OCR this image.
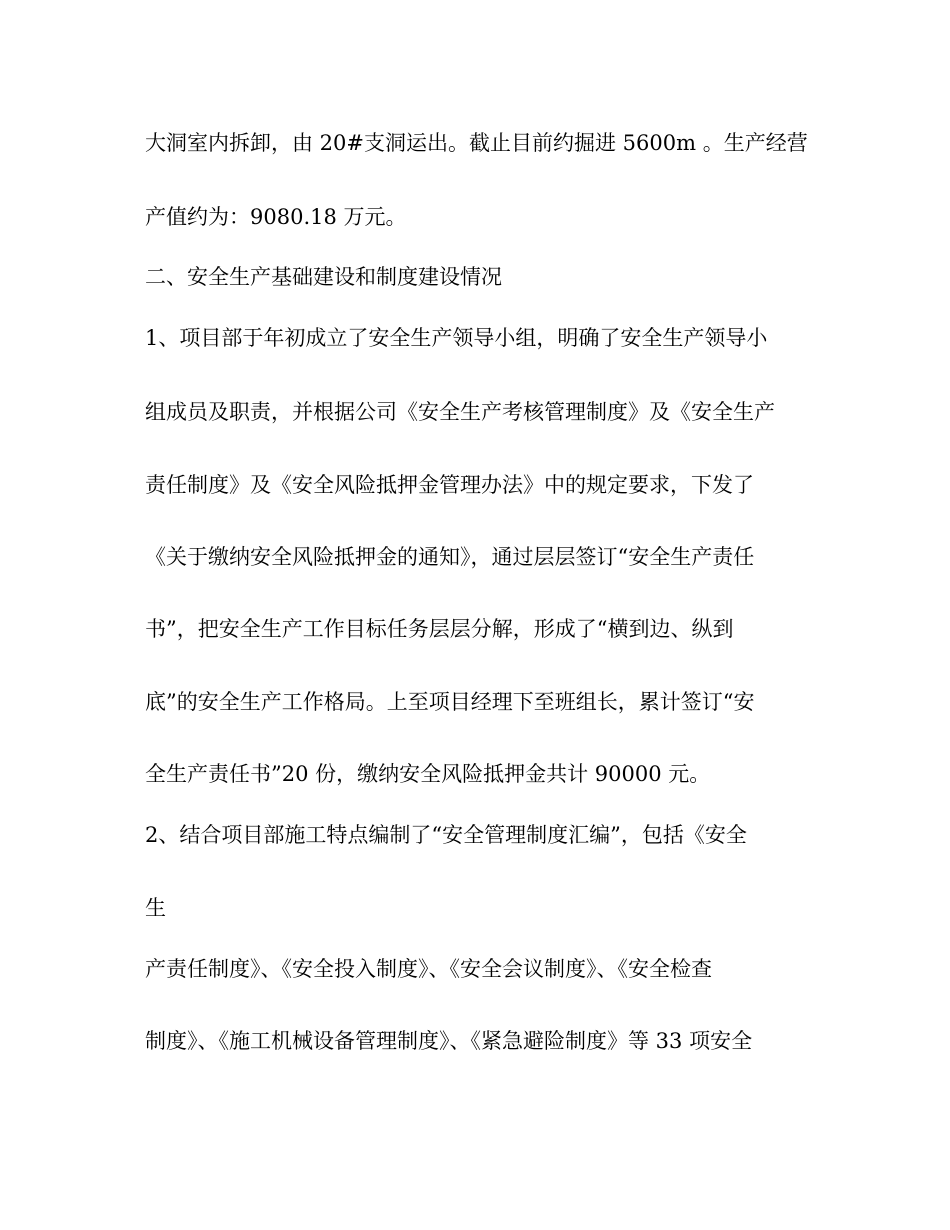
大洞室内拆卸，由 20#支洞运出。截止目前约掘进 5600m 。生产经营

产值约为：9080.18 万元。

二、安全生产基础建设和制度建设情况

1、项目部于年初成立了安全生产领导小组，明确了安全生产领导小

组成员及职责，并根据公司《安全生产考核管理制度》及《安全生产

责任制度》及《安全风险抵押金管理办法》中的规定要求，下发了

《关于缴纳安全风险抵押金的通知》，通过层层签订“安全生产责任

书”，把安全生产工作目标任务层层分解，形成了“横到边、纵到

底”的安全生产工作格局。上至项目经理下至班组长，累计签订“安

全生产责任书”20 份，缴纳安全风险抵押金共计 90000 元。

2、结合项目部施工特点编制了“安全管理制度汇编”，包括《安全

生

产责任制度》、《安全投入制度》、《安全会议制度》、《安全检查

制度》、《施工机械设备管理制度》、《紧急避险制度》等 33 项安全
